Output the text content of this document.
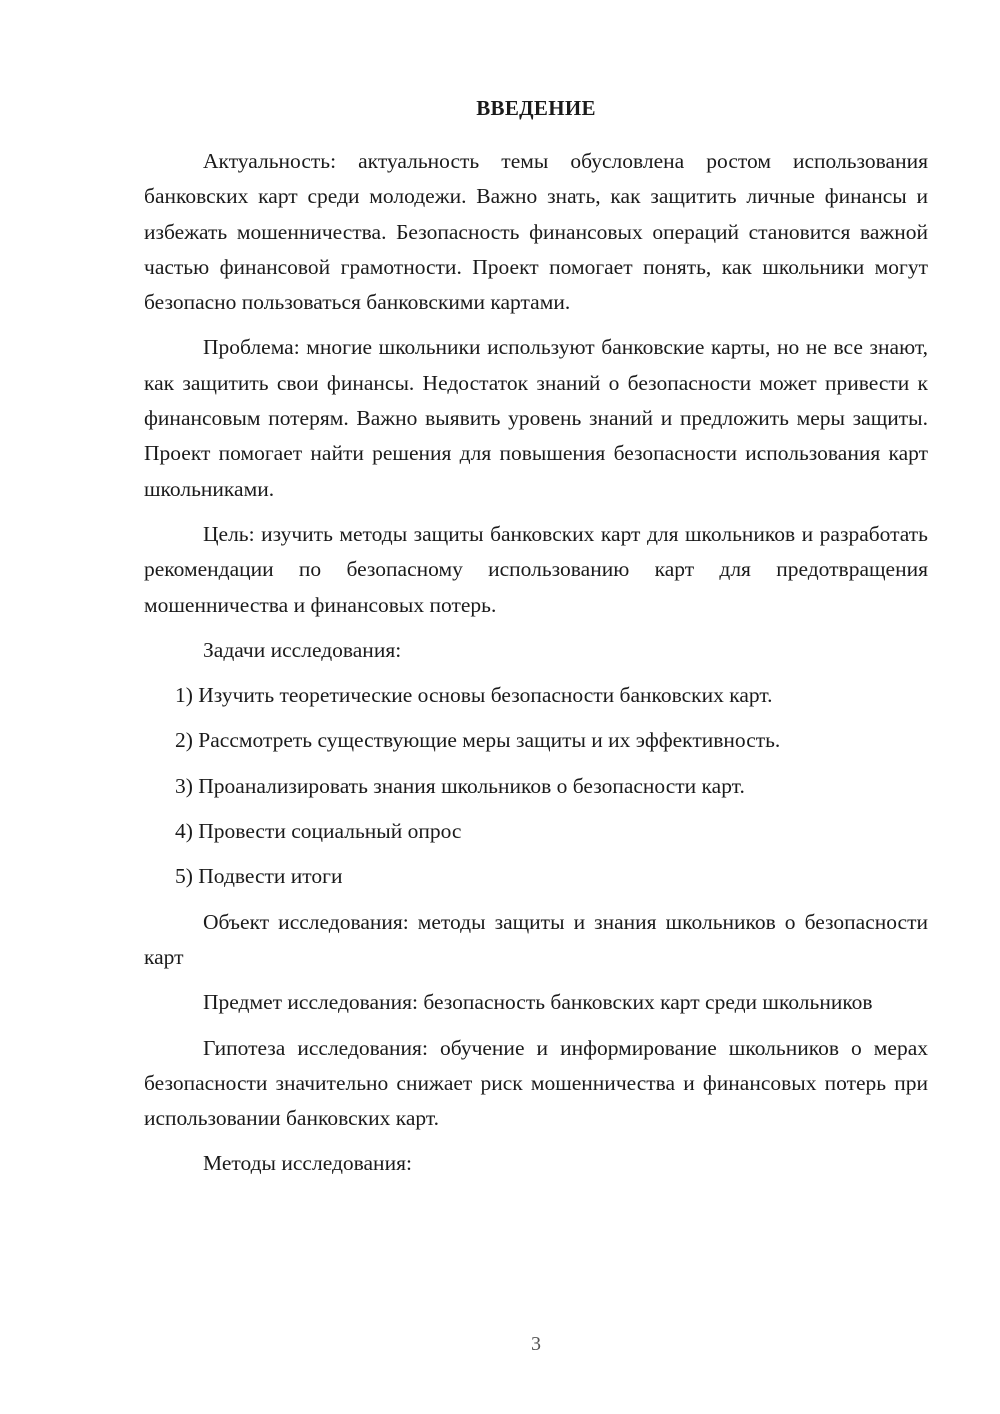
ВВЕДЕНИЕ

Актуальность: актуальность темы обусловлена ростом использования банковских карт среди молодежи. Важно знать, как защитить личные финансы и избежать мошенничества. Безопасность финансовых операций становится важной частью финансовой грамотности. Проект помогает понять, как школьники могут безопасно пользоваться банковскими картами.

Проблема: многие школьники используют банковские карты, но не все знают, как защитить свои финансы. Недостаток знаний о безопасности может привести к финансовым потерям. Важно выявить уровень знаний и предложить меры защиты. Проект помогает найти решения для повышения безопасности использования карт школьниками.

Цель: изучить методы защиты банковских карт для школьников и разработать рекомендации по безопасному использованию карт для предотвращения мошенничества и финансовых потерь.

Задачи исследования:

1) Изучить теоретические основы безопасности банковских карт.
2) Рассмотреть существующие меры защиты и их эффективность.
3) Проанализировать знания школьников о безопасности карт.
4) Провести социальный опрос
5) Подвести итоги

Объект исследования: методы защиты и знания школьников о безопасности карт

Предмет исследования: безопасность банковских карт среди школьников

Гипотеза исследования: обучение и информирование школьников о мерах безопасности значительно снижает риск мошенничества и финансовых потерь при использовании банковских карт.

Методы исследования:

3
